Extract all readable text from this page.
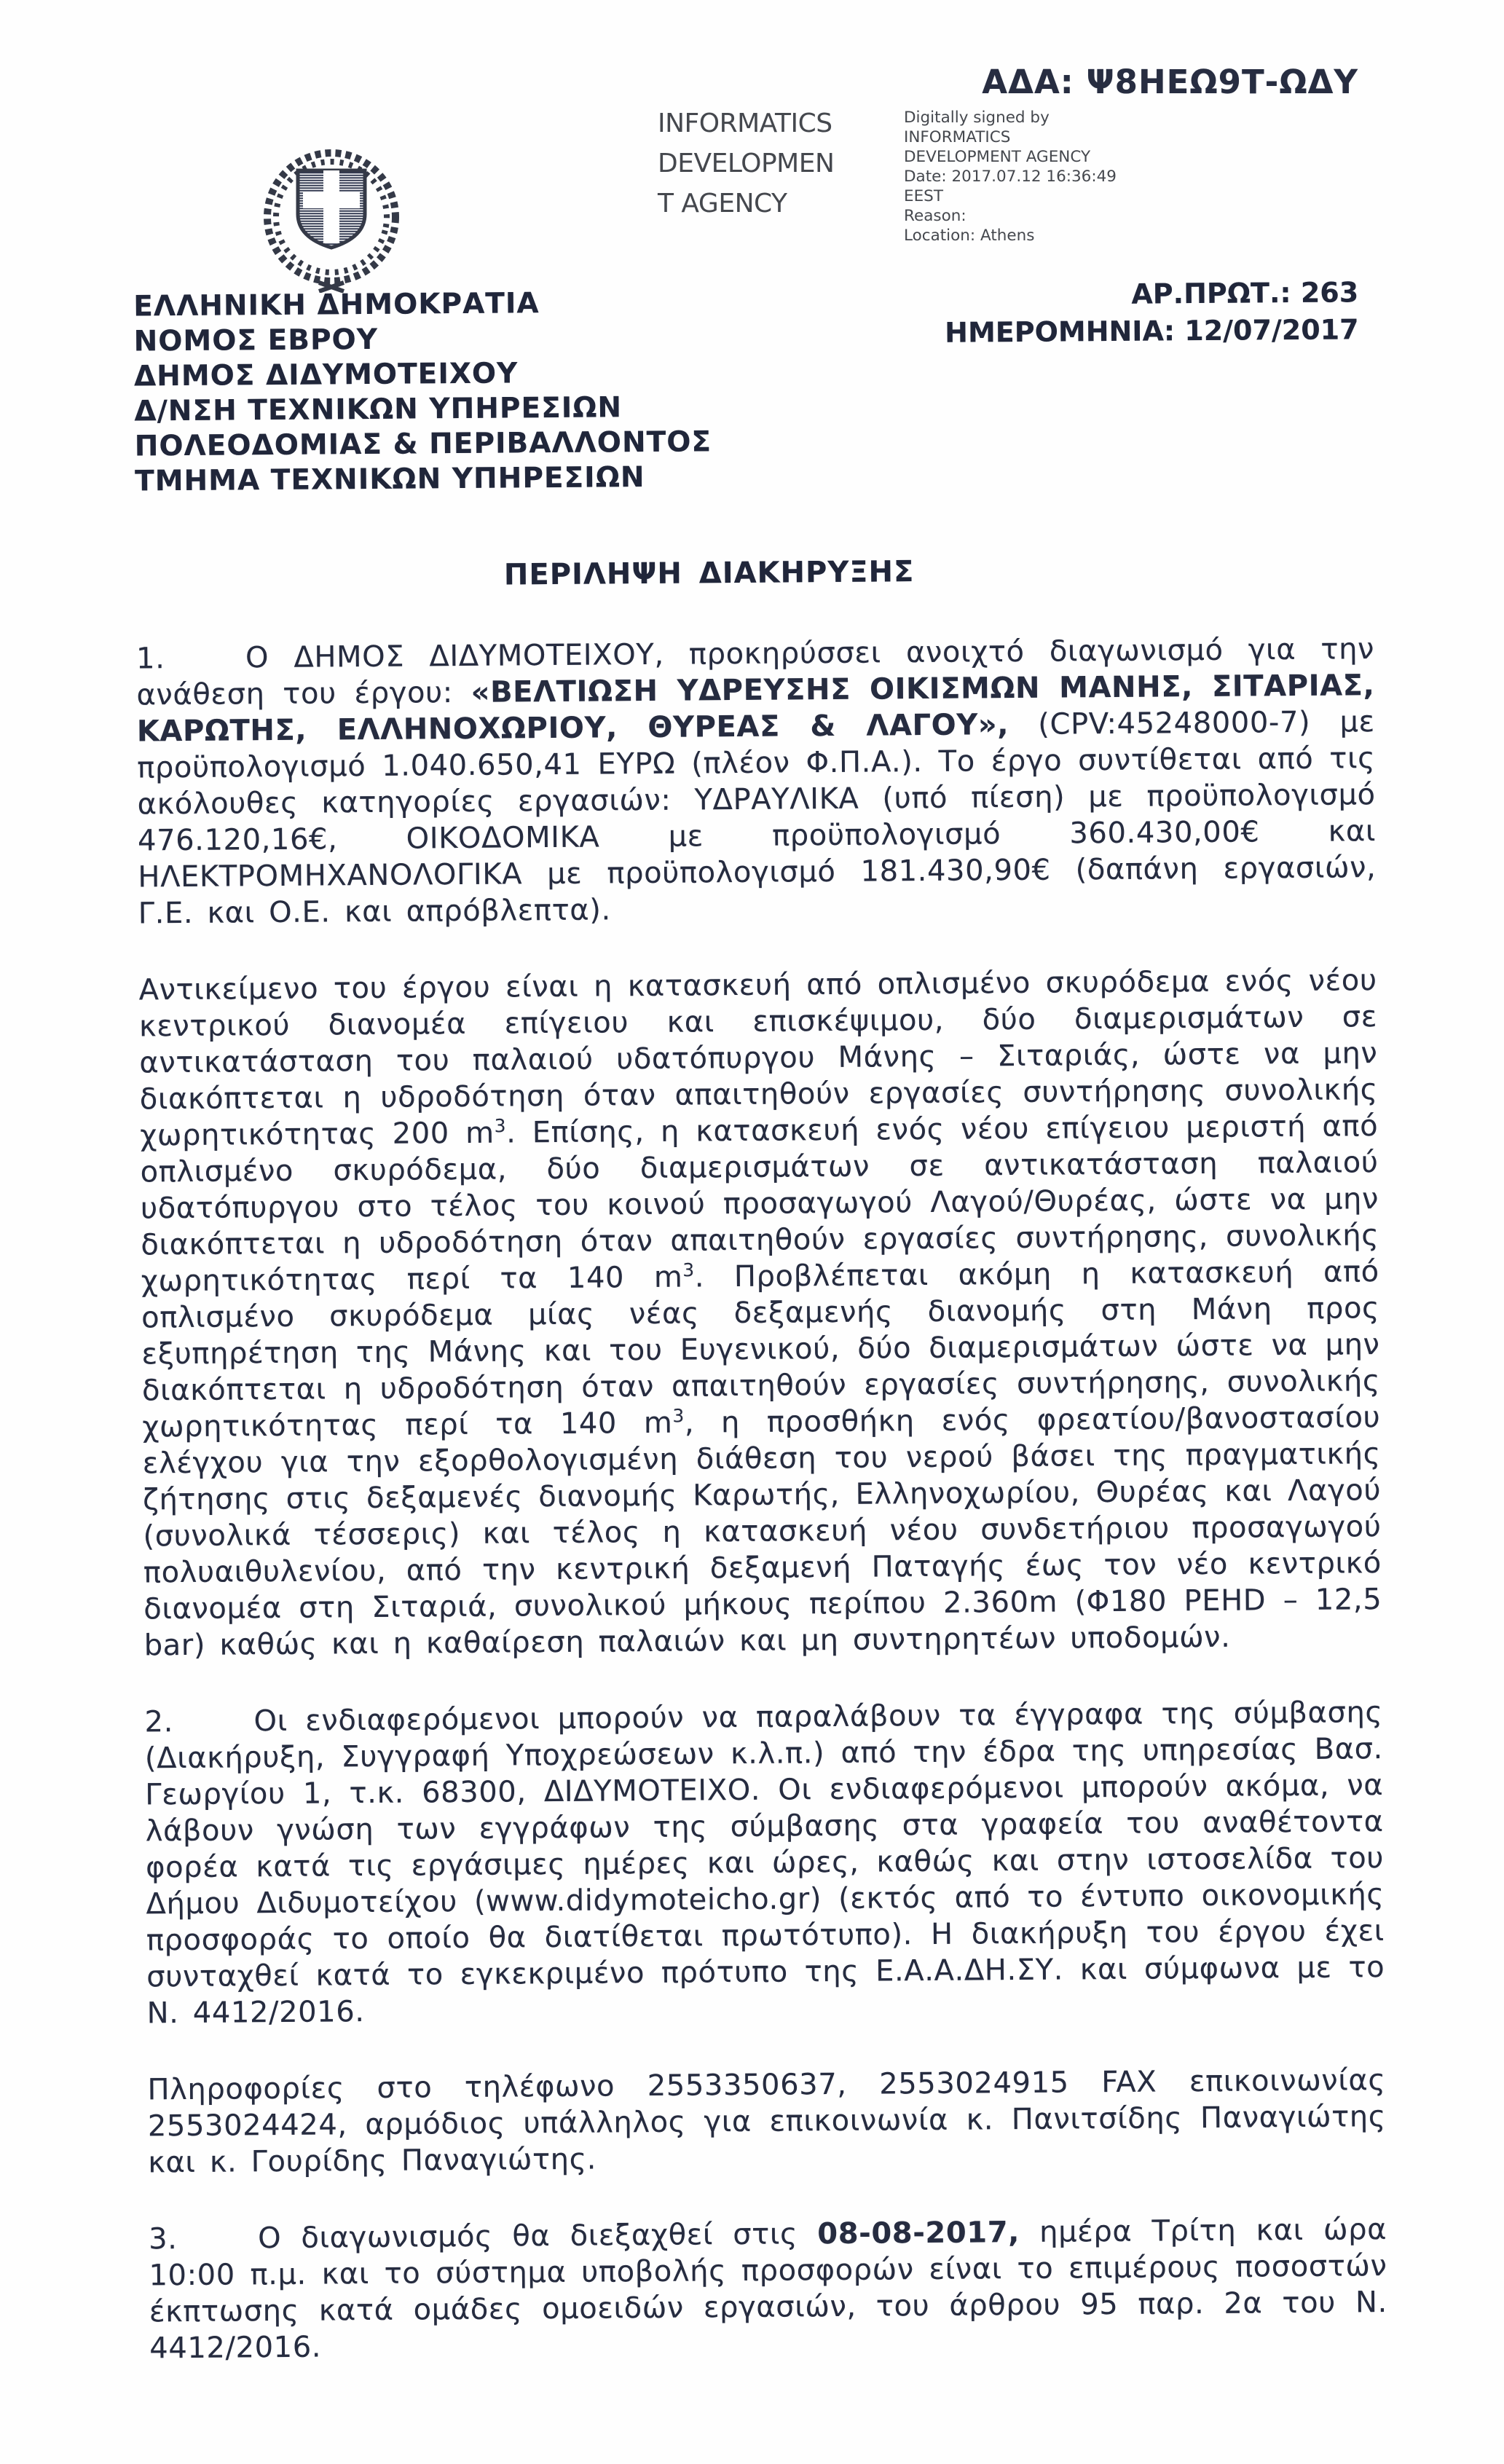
ΑΔΑ: Ψ8ΗΕΩ9Τ-ΩΔΥ
INFORMATICS
DEVELOPMEN
T AGENCY
Digitally signed by
INFORMATICS
DEVELOPMENT AGENCY
Date: 2017.07.12 16:36:49
EEST
Reason:
Location: Athens
ΕΛΛΗΝΙΚΗ ΔΗΜΟΚΡΑΤΙΑ
ΝΟΜΟΣ ΕΒΡΟΥ
ΔΗΜΟΣ ΔΙΔΥΜΟΤΕΙΧΟΥ
Δ/ΝΣΗ ΤΕΧΝΙΚΩΝ ΥΠΗΡΕΣΙΩΝ
ΠΟΛΕΟΔΟΜΙΑΣ & ΠΕΡΙΒΑΛΛΟΝΤΟΣ
ΤΜΗΜΑ ΤΕΧΝΙΚΩΝ ΥΠΗΡΕΣΙΩΝ
ΑΡ.ΠΡΩΤ.: 263
ΗΜΕΡΟΜΗΝΙΑ: 12/07/2017
ΠΕΡΙΛΗΨΗ ΔΙΑΚΗΡΥΞΗΣ

1.	Ο ΔΗΜΟΣ ΔΙΔΥΜΟΤΕΙΧΟΥ, προκηρύσσει ανοιχτό διαγωνισμό για την ανάθεση του έργου: «ΒΕΛΤΙΩΣΗ ΥΔΡΕΥΣΗΣ ΟΙΚΙΣΜΩΝ ΜΑΝΗΣ, ΣΙΤΑΡΙΑΣ, ΚΑΡΩΤΗΣ, ΕΛΛΗΝΟΧΩΡΙΟΥ, ΘΥΡΕΑΣ & ΛΑΓΟΥ», (CPV:45248000-7) με προϋπολογισμό 1.040.650,41 ΕΥΡΩ (πλέον Φ.Π.Α.). Το έργο συντίθεται από τις ακόλουθες κατηγορίες εργασιών: ΥΔΡΑΥΛΙΚΑ (υπό πίεση) με προϋπολογισμό 476.120,16€, ΟΙΚΟΔΟΜΙΚΑ με προϋπολογισμό 360.430,00€ και ΗΛΕΚΤΡΟΜΗΧΑΝΟΛΟΓΙΚΑ με προϋπολογισμό 181.430,90€ (δαπάνη εργασιών, Γ.Ε. και Ο.Ε. και απρόβλεπτα).

Αντικείμενο του έργου είναι η κατασκευή από οπλισμένο σκυρόδεμα ενός νέου κεντρικού διανομέα επίγειου και επισκέψιμου, δύο διαμερισμάτων σε αντικατάσταση του παλαιού υδατόπυργου Μάνης – Σιταριάς, ώστε να μην διακόπτεται η υδροδότηση όταν απαιτηθούν εργασίες συντήρησης συνολικής χωρητικότητας 200 $m^3$. Επίσης, η κατασκευή ενός νέου επίγειου μεριστή από οπλισμένο σκυρόδεμα, δύο διαμερισμάτων σε αντικατάσταση παλαιού υδατόπυργου στο τέλος του κοινού προσαγωγού Λαγού/Θυρέας, ώστε να μην διακόπτεται η υδροδότηση όταν απαιτηθούν εργασίες συντήρησης, συνολικής χωρητικότητας περί τα 140 $m^3$. Προβλέπεται ακόμη η κατασκευή από οπλισμένο σκυρόδεμα μίας νέας δεξαμενής διανομής στη Μάνη προς εξυπηρέτηση της Μάνης και του Ευγενικού, δύο διαμερισμάτων ώστε να μην διακόπτεται η υδροδότηση όταν απαιτηθούν εργασίες συντήρησης, συνολικής χωρητικότητας περί τα 140 $m^3$, η προσθήκη ενός φρεατίου/βανοστασίου ελέγχου για την εξορθολογισμένη διάθεση του νερού βάσει της πραγματικής ζήτησης στις δεξαμενές διανομής Καρωτής, Ελληνοχωρίου, Θυρέας και Λαγού (συνολικά τέσσερις) και τέλος η κατασκευή νέου συνδετήριου προσαγωγού πολυαιθυλενίου, από την κεντρική δεξαμενή Παταγής έως τον νέο κεντρικό διανομέα στη Σιταριά, συνολικού μήκους περίπου 2.360m (Φ180 PEHD – 12,5 bar) καθώς και η καθαίρεση παλαιών και μη συντηρητέων υποδομών.

2.	Οι ενδιαφερόμενοι μπορούν να παραλάβουν τα έγγραφα της σύμβασης (Διακήρυξη, Συγγραφή Υποχρεώσεων κ.λ.π.) από την έδρα της υπηρεσίας Βασ. Γεωργίου 1, τ.κ. 68300, ΔΙΔΥΜΟΤΕΙΧΟ. Οι ενδιαφερόμενοι μπορούν ακόμα, να λάβουν γνώση των εγγράφων της σύμβασης στα γραφεία του αναθέτοντα φορέα κατά τις εργάσιμες ημέρες και ώρες, καθώς και στην ιστοσελίδα του Δήμου Διδυμοτείχου (www.didymoteicho.gr) (εκτός από το έντυπο οικονομικής προσφοράς το οποίο θα διατίθεται πρωτότυπο). Η διακήρυξη του έργου έχει συνταχθεί κατά το εγκεκριμένο πρότυπο της Ε.Α.Α.ΔΗ.ΣΥ. και σύμφωνα με το Ν. 4412/2016.

Πληροφορίες στο τηλέφωνο 2553350637, 2553024915 FAX επικοινωνίας 2553024424, αρμόδιος υπάλληλος για επικοινωνία κ. Πανιτσίδης Παναγιώτης και κ. Γουρίδης Παναγιώτης.

3.	Ο διαγωνισμός θα διεξαχθεί στις 08-08-2017, ημέρα Τρίτη και ώρα 10:00 π.μ. και το σύστημα υποβολής προσφορών είναι το επιμέρους ποσοστών έκπτωσης κατά ομάδες ομοειδών εργασιών, του άρθρου 95 παρ. 2α του Ν. 4412/2016.
